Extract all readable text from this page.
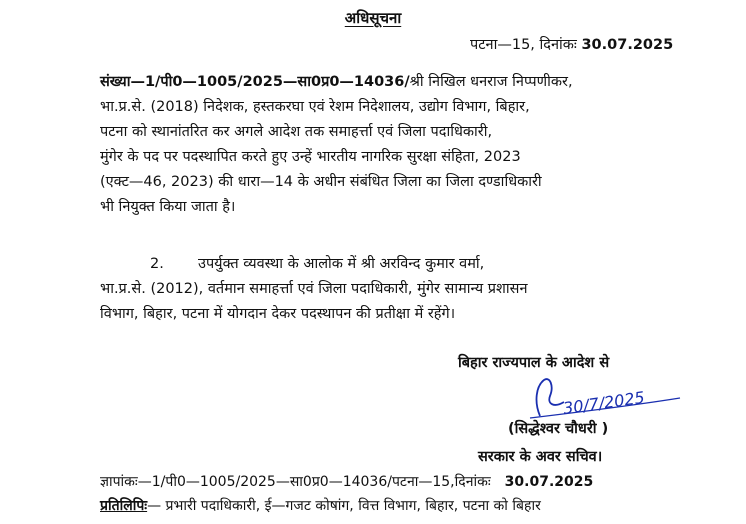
अधिसूचना
पटना—15, दिनांकः 30.07.2025
संख्या—1/पी0—1005/2025—सा0प्र0—14036/श्री निखिल धनराज निप्पणीकर,
भा.प्र.से. (2018) निदेशक, हस्तकरघा एवं रेशम निदेशालय, उद्योग विभाग, बिहार,
पटना को स्थानांतरित कर अगले आदेश तक समाहर्त्ता एवं जिला पदाधिकारी,
मुंगेर के पद पर पदस्थापित करते हुए उन्हें भारतीय नागरिक सुरक्षा संहिता, 2023
(एक्ट—46, 2023) की धारा—14 के अधीन संबंधित जिला का जिला दण्डाधिकारी
भी नियुक्त किया जाता है।
2. उपर्युक्त व्यवस्था के आलोक में श्री अरविन्द कुमार वर्मा,
भा.प्र.से. (2012), वर्तमान समाहर्त्ता एवं जिला पदाधिकारी, मुंगेर सामान्य प्रशासन
विभाग, बिहार, पटना में योगदान देकर पदस्थापन की प्रतीक्षा में रहेंगे।
बिहार राज्यपाल के आदेश से
30/7/2025
(सिद्धेश्वर चौधरी )
सरकार के अवर सचिव।
ज्ञापांकः—1/पी0—1005/2025—सा0प्र0—14036/पटना—15,दिनांकः 30.07.2025
प्रतिलिपिः— प्रभारी पदाधिकारी, ई—गजट कोषांग, वित्त विभाग, बिहार, पटना को बिहार
